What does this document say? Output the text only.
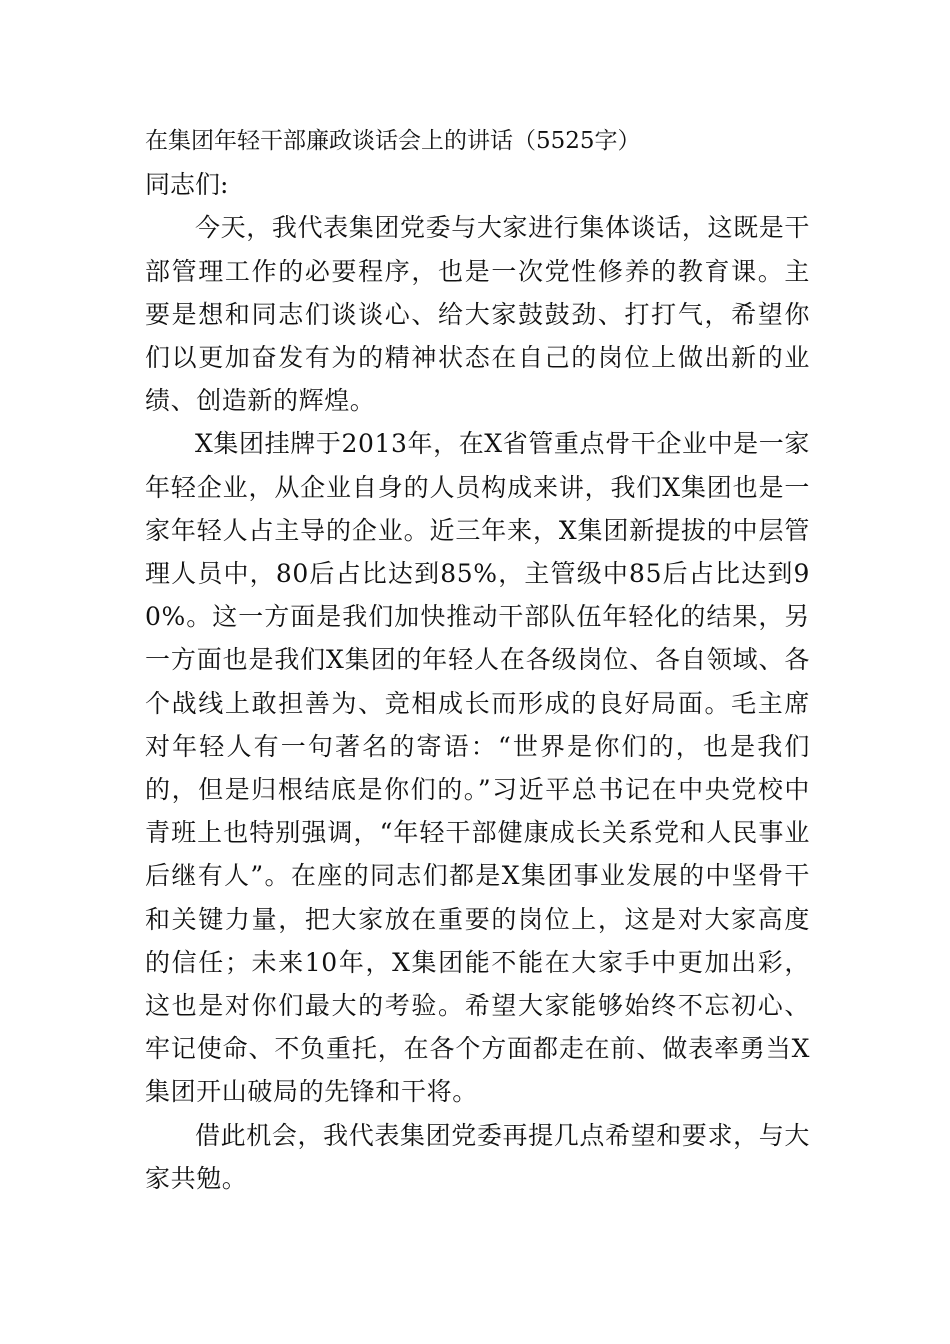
在集团年轻干部廉政谈话会上的讲话（5525字）

同志们:

今天，我代表集团党委与大家进行集体谈话，这既是干部管理工作的必要程序，也是一次党性修养的教育课。主要是想和同志们谈谈心、给大家鼓鼓劲、打打气，希望你们以更加奋发有为的精神状态在自己的岗位上做出新的业绩、创造新的辉煌。

X集团挂牌于2013年，在X省管重点骨干企业中是一家年轻企业，从企业自身的人员构成来讲，我们X集团也是一家年轻人占主导的企业。近三年来，X集团新提拔的中层管理人员中，80后占比达到85%，主管级中85后占比达到90%。这一方面是我们加快推动干部队伍年轻化的结果，另一方面也是我们X集团的年轻人在各级岗位、各自领域、各个战线上敢担善为、竞相成长而形成的良好局面。毛主席对年轻人有一句著名的寄语：“世界是你们的，也是我们的，但是归根结底是你们的。”习近平总书记在中央党校中青班上也特别强调，“年轻干部健康成长关系党和人民事业后继有人”。在座的同志们都是X集团事业发展的中坚骨干和关键力量，把大家放在重要的岗位上，这是对大家高度的信任；未来10年，X集团能不能在大家手中更加出彩，这也是对你们最大的考验。希望大家能够始终不忘初心、牢记使命、不负重托，在各个方面都走在前、做表率勇当X集团开山破局的先锋和干将。

借此机会，我代表集团党委再提几点希望和要求，与大家共勉。
